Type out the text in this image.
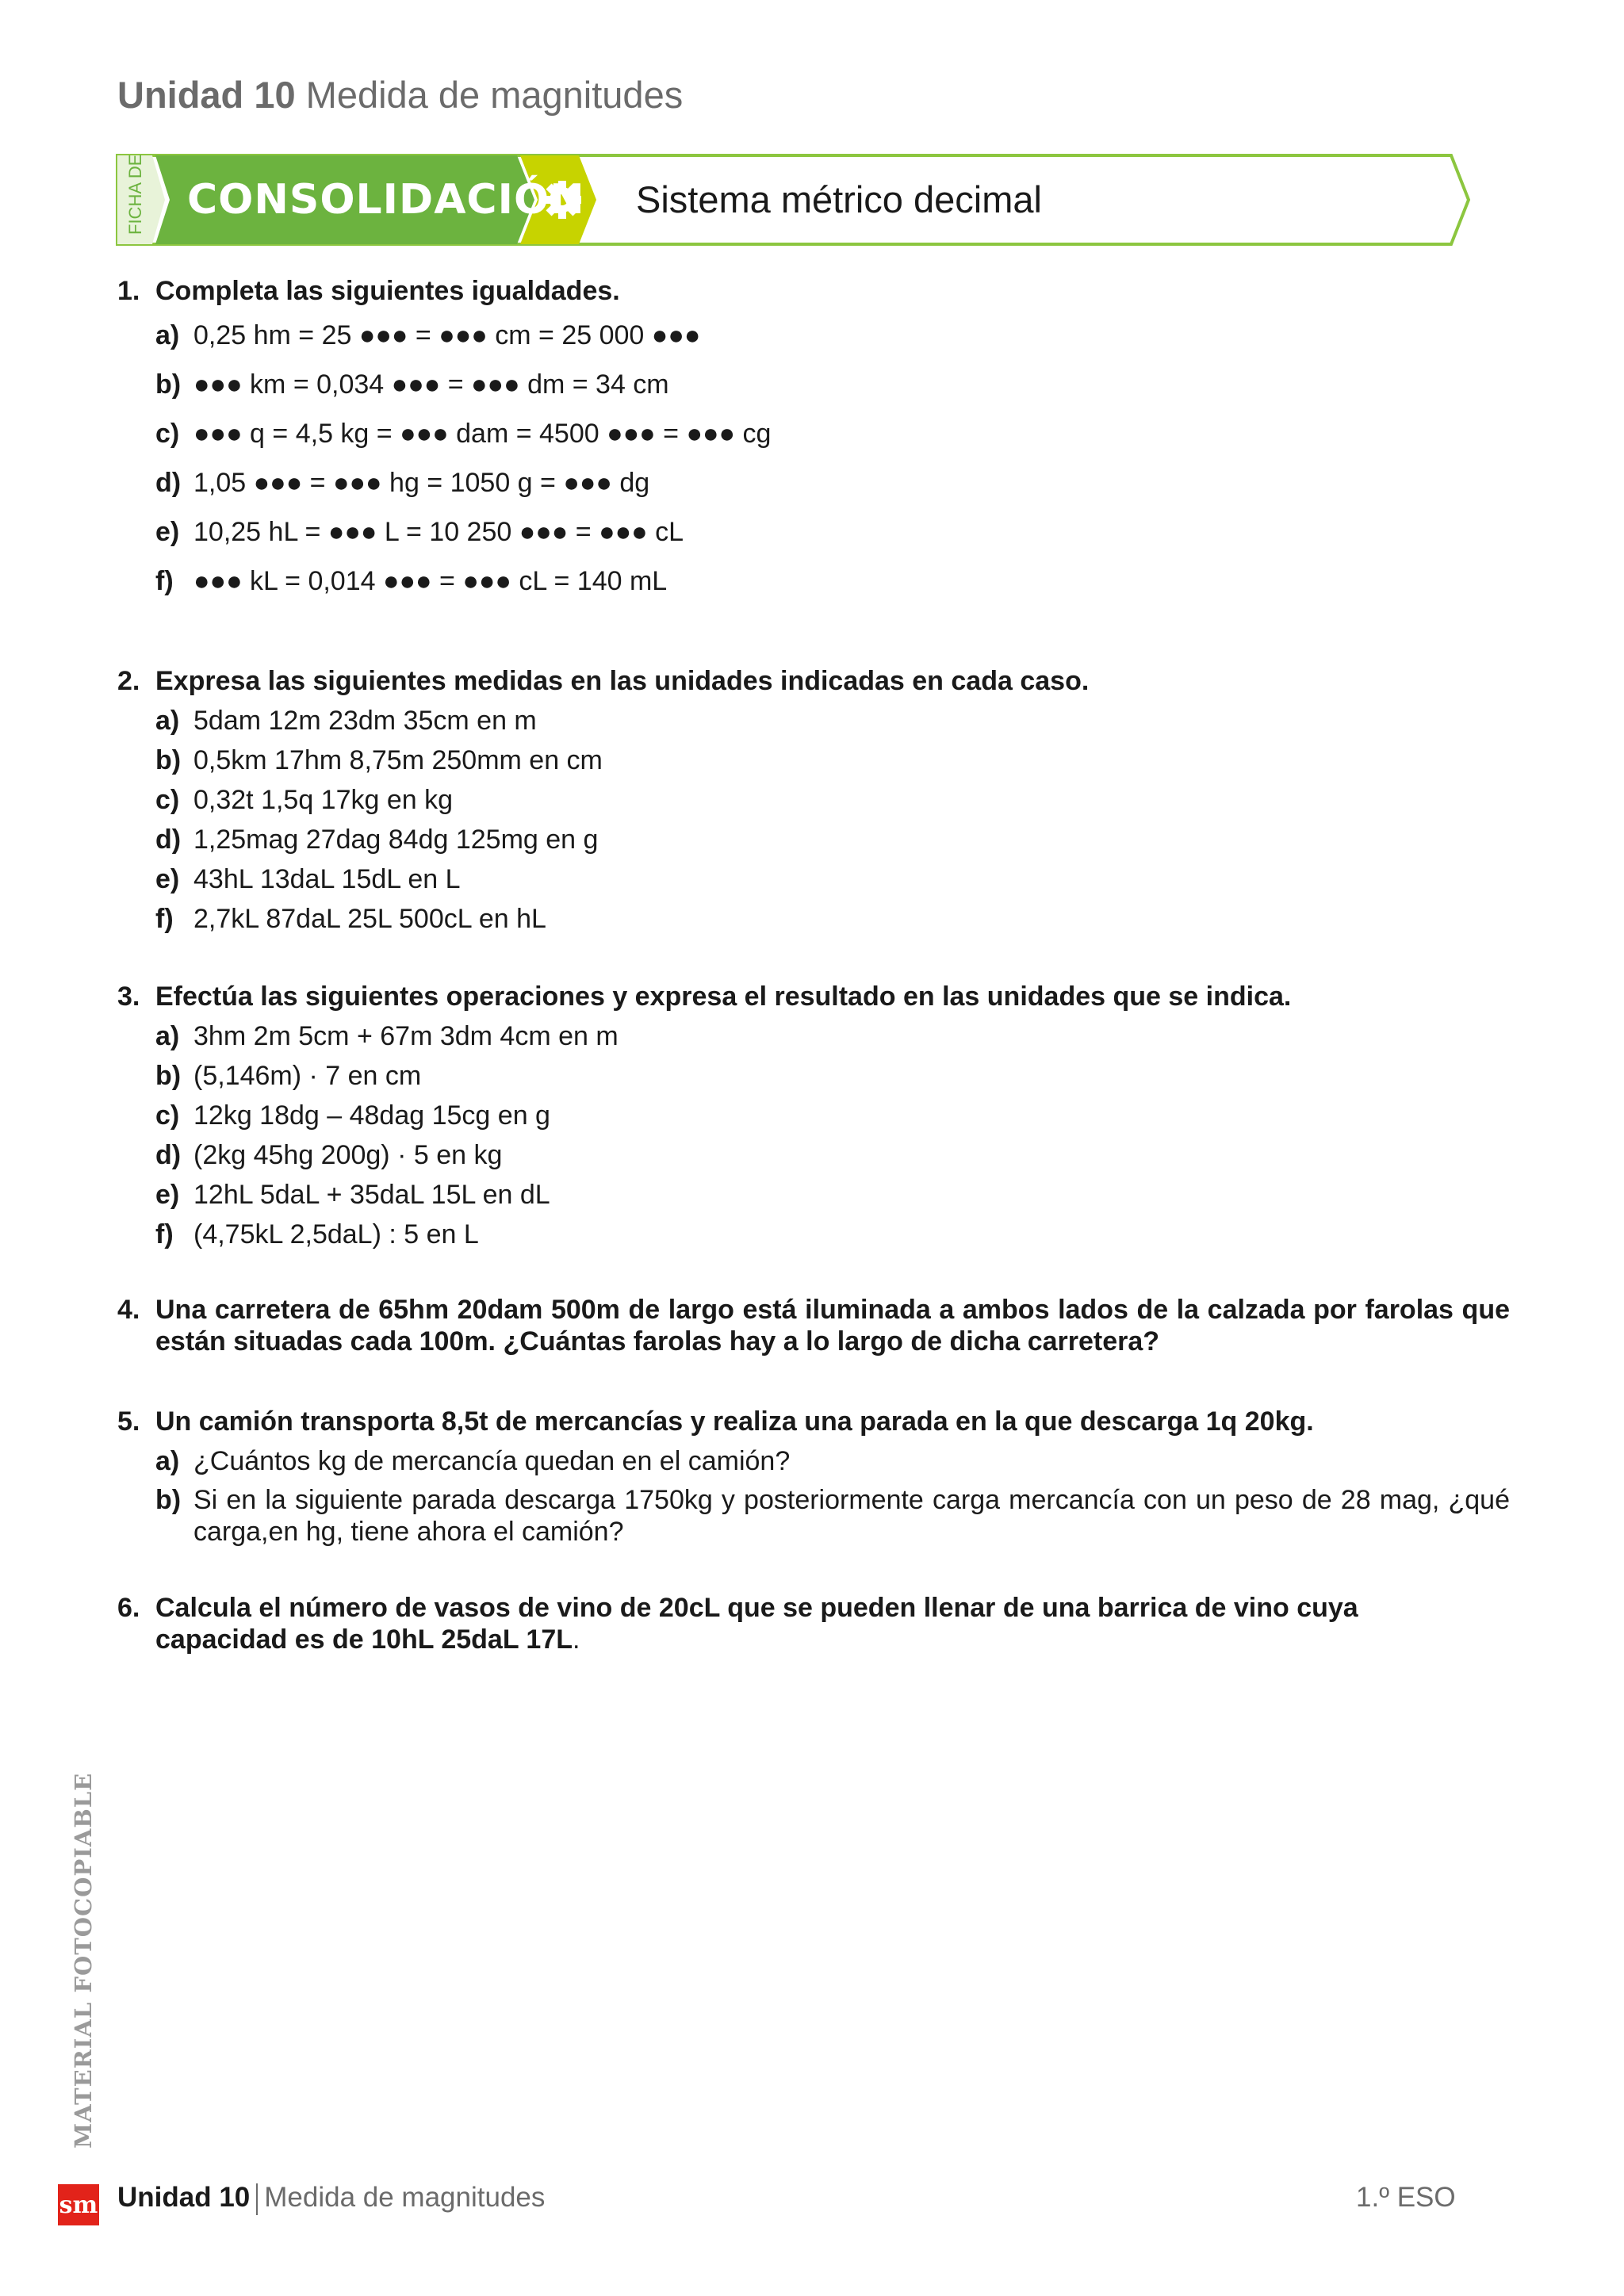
Unidad 10 Medida de magnitudes
FICHA DE CONSOLIDACIÓN Sistema métrico decimal
1. Completa las siguientes igualdades.
a) 0,25 hm = 25 ●●● = ●●● cm = 25 000 ●●●
b) ●●● km = 0,034 ●●● = ●●● dm = 34 cm
c) ●●● q = 4,5 kg = ●●● dam = 4500 ●●● = ●●● cg
d) 1,05 ●●● = ●●● hg = 1050 g = ●●● dg
e) 10,25 hL = ●●● L = 10 250 ●●● = ●●● cL
f) ●●● kL = 0,014 ●●● = ●●● cL = 140 mL
2. Expresa las siguientes medidas en las unidades indicadas en cada caso.
a) 5dam 12m 23dm 35cm en m
b) 0,5km 17hm 8,75m 250mm en cm
c) 0,32t 1,5q 17kg en kg
d) 1,25mag 27dag 84dg 125mg en g
e) 43hL 13daL 15dL en L
f) 2,7kL 87daL 25L 500cL en hL
3. Efectúa las siguientes operaciones y expresa el resultado en las unidades que se indica.
a) 3hm 2m 5cm + 67m 3dm 4cm en m
b) (5,146m) · 7 en cm
c) 12kg 18dg – 48dag 15cg en g
d) (2kg 45hg 200g) · 5 en kg
e) 12hL 5daL + 35daL 15L en dL
f) (4,75kL 2,5daL) : 5 en L
4. Una carretera de 65hm 20dam 500m de largo está iluminada a ambos lados de la calzada por farolas que están situadas cada 100m. ¿Cuántas farolas hay a lo largo de dicha carretera?
5. Un camión transporta 8,5t de mercancías y realiza una parada en la que descarga 1q 20kg.
a) ¿Cuántos kg de mercancía quedan en el camión?
b) Si en la siguiente parada descarga 1750kg y posteriormente carga mercancía con un peso de 28 mag, ¿qué carga,en hg, tiene ahora el camión?
6. Calcula el número de vasos de vino de 20cL que se pueden llenar de una barrica de vino cuya capacidad es de 10hL 25daL 17L.
MATERIAL FOTOCOPIABLE
sm Unidad 10 Medida de magnitudes	1.º ESO
